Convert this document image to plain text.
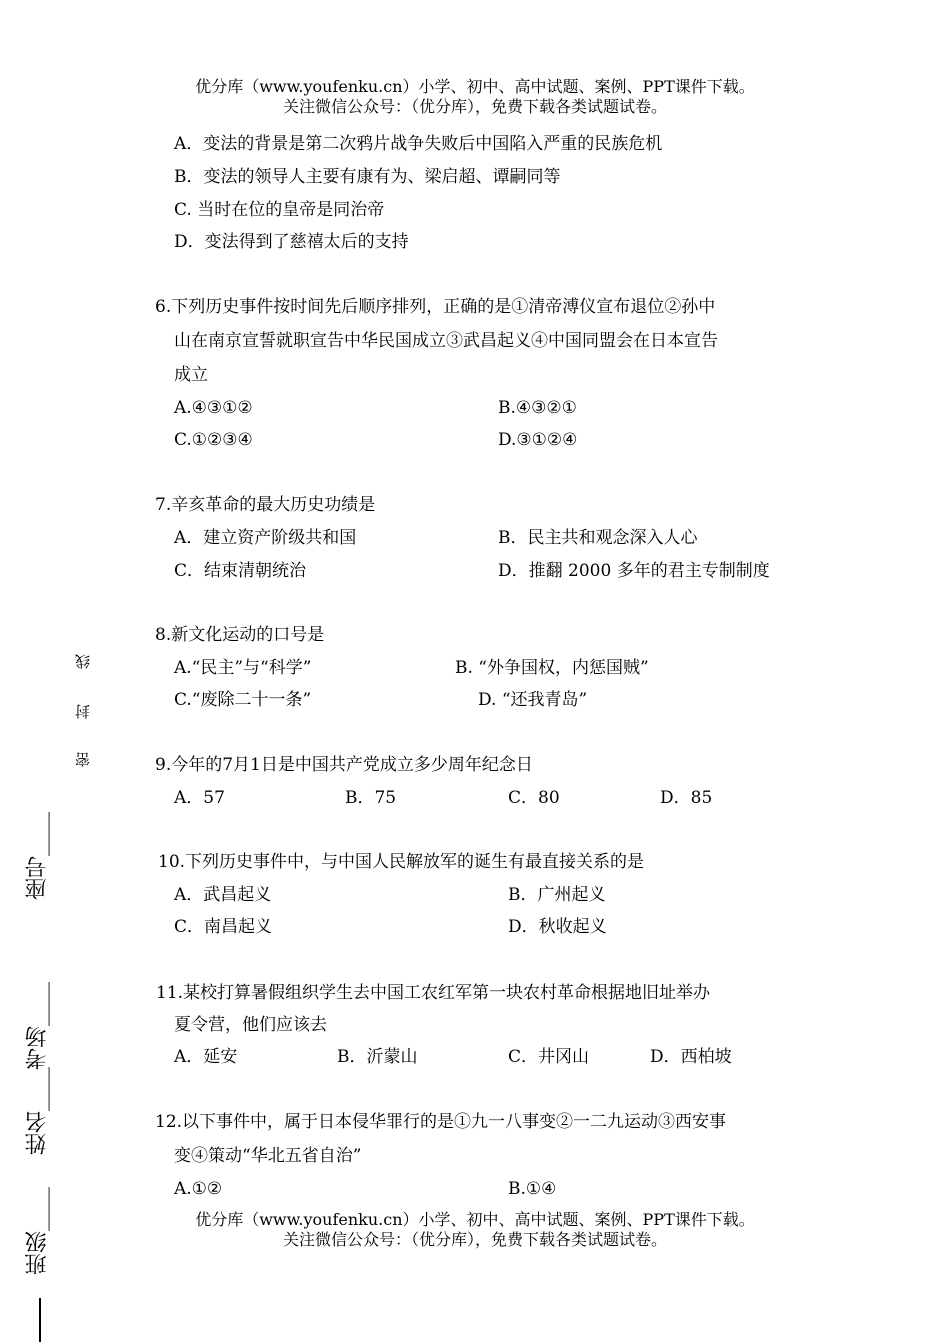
优分库（www.youfenku.cn）小学、初中、高中试题、案例、PPT课件下载。
关注微信公众号：（优分库），免费下载各类试题试卷。
A．变法的背景是第二次鸦片战争失败后中国陷入严重的民族危机
B．变法的领导人主要有康有为、梁启超、谭嗣同等
C. 当时在位的皇帝是同治帝
D．变法得到了慈禧太后的支持
6.下列历史事件按时间先后顺序排列，正确的是①清帝溥仪宣布退位②孙中
山在南京宣誓就职宣告中华民国成立③武昌起义④中国同盟会在日本宣告
成立
A.④③①②	B.④③②①
C.①②③④	D.③①②④
7.辛亥革命的最大历史功绩是
A．建立资产阶级共和国	B．民主共和观念深入人心
C．结束清朝统治	D．推翻 2000 多年的君主专制制度
8.新文化运动的口号是
A.“民主”与“科学”	B. “外争国权，内惩国贼”
C.“废除二十一条”	D. “还我青岛”
9.今年的7月1日是中国共产党成立多少周年纪念日
A．57	B．75	C．80	D．85
10.下列历史事件中，与中国人民解放军的诞生有最直接关系的是
A．武昌起义	B．广州起义
C．南昌起义	D．秋收起义
11.某校打算暑假组织学生去中国工农红军第一块农村革命根据地旧址举办
夏令营，他们应该去
A．延安	B．沂蒙山	C．井冈山	D．西柏坡
12.以下事件中，属于日本侵华罪行的是①九一八事变②一二九运动③西安事
变④策动“华北五省自治”
A.①②	B.①④
优分库（www.youfenku.cn）小学、初中、高中试题、案例、PPT课件下载。
关注微信公众号：（优分库），免费下载各类试题试卷。
线
封
密
座号____
考场____
姓名____
班级____
